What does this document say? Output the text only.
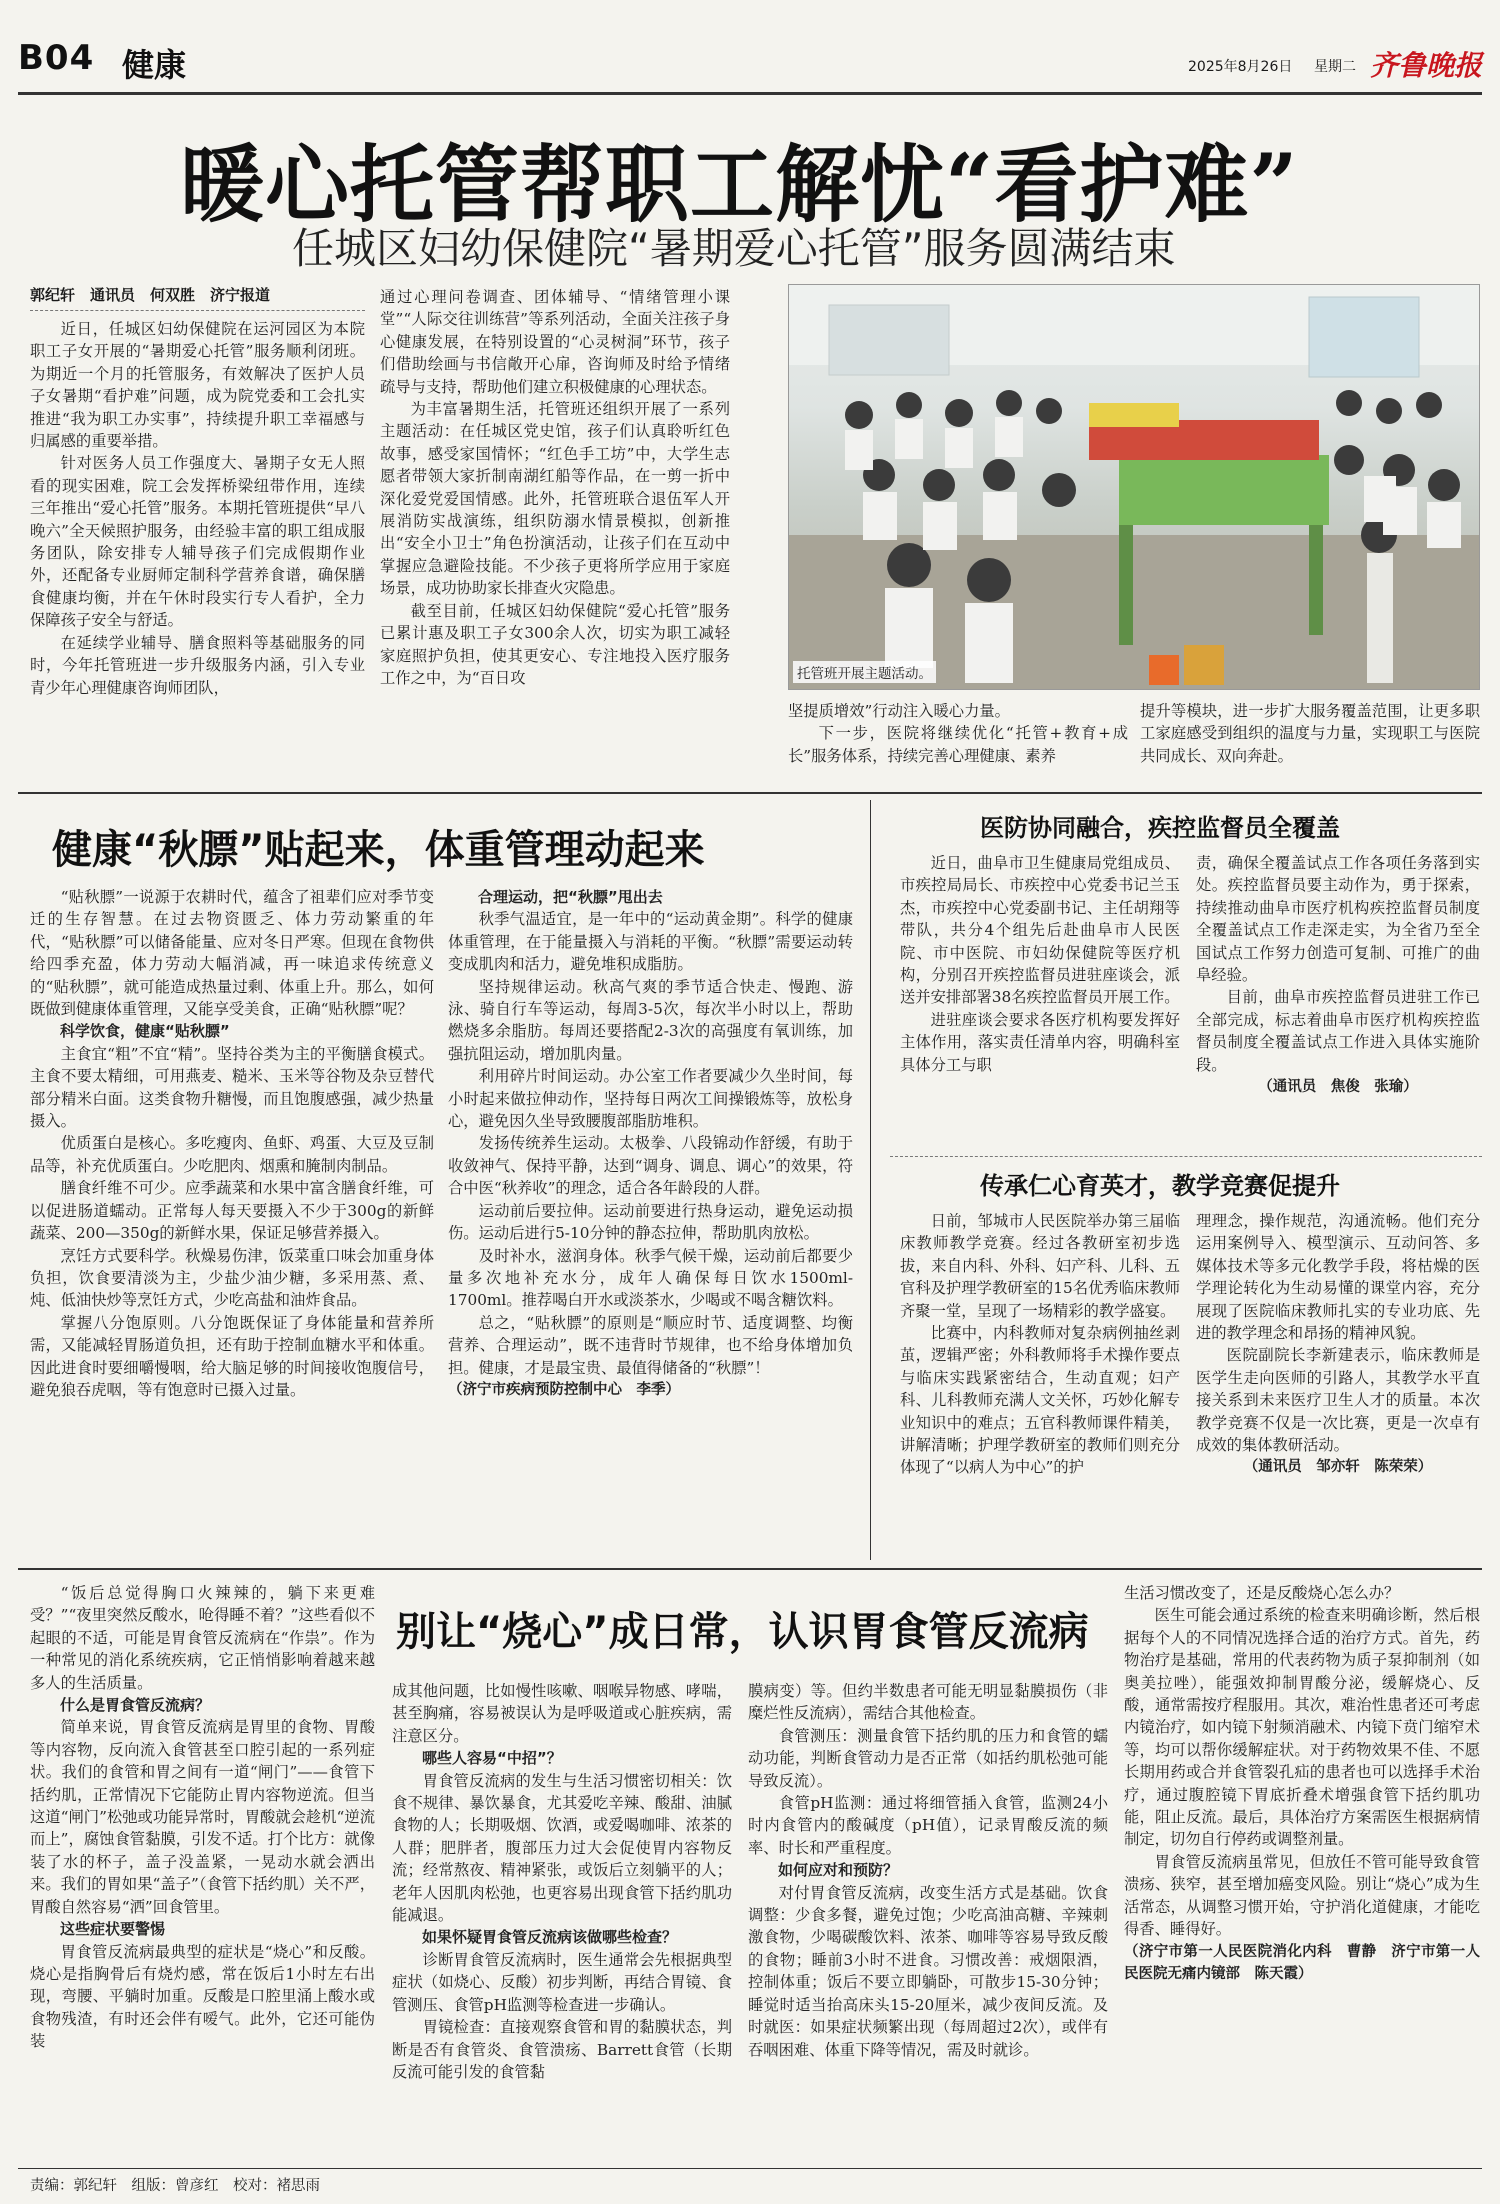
B04 健康	2025年8月26日 星期二 齐鲁晚报
暖心托管帮职工解忧“看护难”
任城区妇幼保健院“暑期爱心托管”服务圆满结束
郭纪轩　通讯员　何双胜　济宁报道

近日，任城区妇幼保健院在运河园区为本院职工子女开展的“暑期爱心托管”服务顺利闭班。为期近一个月的托管服务，有效解决了医护人员子女暑期“看护难”问题，成为院党委和工会扎实推进“我为职工办实事”，持续提升职工幸福感与归属感的重要举措。

针对医务人员工作强度大、暑期子女无人照看的现实困难，院工会发挥桥梁纽带作用，连续三年推出“爱心托管”服务。本期托管班提供“早八晚六”全天候照护服务，由经验丰富的职工组成服务团队，除安排专人辅导孩子们完成假期作业外，还配备专业厨师定制科学营养食谱，确保膳食健康均衡，并在午休时段实行专人看护，全力保障孩子安全与舒适。

在延续学业辅导、膳食照料等基础服务的同时，今年托管班进一步升级服务内涵，引入专业青少年心理健康咨询师团队，

通过心理问卷调查、团体辅导、“情绪管理小课堂”“人际交往训练营”等系列活动，全面关注孩子身心健康发展，在特别设置的“心灵树洞”环节，孩子们借助绘画与书信敞开心扉，咨询师及时给予情绪疏导与支持，帮助他们建立积极健康的心理状态。

为丰富暑期生活，托管班还组织开展了一系列主题活动：在任城区党史馆，孩子们认真聆听红色故事，感受家国情怀；“红色手工坊”中，大学生志愿者带领大家折制南湖红船等作品，在一剪一折中深化爱党爱国情感。此外，托管班联合退伍军人开展消防实战演练，组织防溺水情景模拟，创新推出“安全小卫士”角色扮演活动，让孩子们在互动中掌握应急避险技能。不少孩子更将所学应用于家庭场景，成功协助家长排查火灾隐患。

截至目前，任城区妇幼保健院“爱心托管”服务已累计惠及职工子女300余人次，切实为职工减轻家庭照护负担，使其更安心、专注地投入医疗服务工作之中，为“百日攻	托管班开展主题活动。

坚提质增效”行动注入暖心力量。

下一步，医院将继续优化“托管+教育+成长”服务体系，持续完善心理健康、素养

提升等模块，进一步扩大服务覆盖范围，让更多职工家庭感受到组织的温度与力量，实现职工与医院共同成长、双向奔赴。

健康“秋膘”贴起来，体重管理动起来

“贴秋膘”一说源于农耕时代，蕴含了祖辈们应对季节变迁的生存智慧。在过去物资匮乏、体力劳动繁重的年代，“贴秋膘”可以储备能量、应对冬日严寒。但现在食物供给四季充盈，体力劳动大幅消减，再一味追求传统意义的“贴秋膘”，就可能造成热量过剩、体重上升。那么，如何既做到健康体重管理，又能享受美食，正确“贴秋膘”呢？

科学饮食，健康“贴秋膘”

主食宜“粗”不宜“精”。坚持谷类为主的平衡膳食模式。主食不要太精细，可用燕麦、糙米、玉米等谷物及杂豆替代部分精米白面。这类食物升糖慢，而且饱腹感强，减少热量摄入。

优质蛋白是核心。多吃瘦肉、鱼虾、鸡蛋、大豆及豆制品等，补充优质蛋白。少吃肥肉、烟熏和腌制肉制品。

膳食纤维不可少。应季蔬菜和水果中富含膳食纤维，可以促进肠道蠕动。正常每人每天要摄入不少于300g的新鲜蔬菜、200—350g的新鲜水果，保证足够营养摄入。

烹饪方式要科学。秋燥易伤津，饭菜重口味会加重身体负担，饮食要清淡为主，少盐少油少糖，多采用蒸、煮、炖、低油快炒等烹饪方式，少吃高盐和油炸食品。

掌握八分饱原则。八分饱既保证了身体能量和营养所需，又能减轻胃肠道负担，还有助于控制血糖水平和体重。因此进食时要细嚼慢咽，给大脑足够的时间接收饱腹信号，避免狼吞虎咽，等有饱意时已摄入过量。

合理运动，把“秋膘”甩出去

秋季气温适宜，是一年中的“运动黄金期”。科学的健康体重管理，在于能量摄入与消耗的平衡。“秋膘”需要运动转变成肌肉和活力，避免堆积成脂肪。

坚持规律运动。秋高气爽的季节适合快走、慢跑、游泳、骑自行车等运动，每周3-5次，每次半小时以上，帮助燃烧多余脂肪。每周还要搭配2-3次的高强度有氧训练，加强抗阻运动，增加肌肉量。

利用碎片时间运动。办公室工作者要减少久坐时间，每小时起来做拉伸动作，坚持每日两次工间操锻炼等，放松身心，避免因久坐导致腰腹部脂肪堆积。

发扬传统养生运动。太极拳、八段锦动作舒缓，有助于收敛神气、保持平静，达到“调身、调息、调心”的效果，符合中医“秋养收”的理念，适合各年龄段的人群。

运动前后要拉伸。运动前要进行热身运动，避免运动损伤。运动后进行5-10分钟的静态拉伸，帮助肌肉放松。

及时补水，滋润身体。秋季气候干燥，运动前后都要少量多次地补充水分，成年人确保每日饮水1500ml-1700ml。推荐喝白开水或淡茶水，少喝或不喝含糖饮料。

总之，“贴秋膘”的原则是“顺应时节、适度调整、均衡营养、合理运动”，既不违背时节规律，也不给身体增加负担。健康，才是最宝贵、最值得储备的“秋膘”！

（济宁市疾病预防控制中心　李季）

医防协同融合，疾控监督员全覆盖

近日，曲阜市卫生健康局党组成员、市疾控局局长、市疾控中心党委书记兰玉杰，市疾控中心党委副书记、主任胡翔等带队，共分4个组先后赴曲阜市人民医院、市中医院、市妇幼保健院等医疗机构，分别召开疾控监督员进驻座谈会，派送并安排部署38名疾控监督员开展工作。

进驻座谈会要求各医疗机构要发挥好主体作用，落实责任清单内容，明确科室具体分工与职

责，确保全覆盖试点工作各项任务落到实处。疾控监督员要主动作为，勇于探索，持续推动曲阜市医疗机构疾控监督员制度全覆盖试点工作走深走实，为全省乃至全国试点工作努力创造可复制、可推广的曲阜经验。

目前，曲阜市疾控监督员进驻工作已全部完成，标志着曲阜市医疗机构疾控监督员制度全覆盖试点工作进入具体实施阶段。

（通讯员　焦俊　张瑜）

传承仁心育英才，教学竞赛促提升

日前，邹城市人民医院举办第三届临床教师教学竞赛。经过各教研室初步选拔，来自内科、外科、妇产科、儿科、五官科及护理学教研室的15名优秀临床教师齐聚一堂，呈现了一场精彩的教学盛宴。

比赛中，内科教师对复杂病例抽丝剥茧，逻辑严密；外科教师将手术操作要点与临床实践紧密结合，生动直观；妇产科、儿科教师充满人文关怀，巧妙化解专业知识中的难点；五官科教师课件精美，讲解清晰；护理学教研室的教师们则充分体现了“以病人为中心”的护

理理念，操作规范，沟通流畅。他们充分运用案例导入、模型演示、互动问答、多媒体技术等多元化教学手段，将枯燥的医学理论转化为生动易懂的课堂内容，充分展现了医院临床教师扎实的专业功底、先进的教学理念和昂扬的精神风貌。

医院副院长李新建表示，临床教师是医学生走向医师的引路人，其教学水平直接关系到未来医疗卫生人才的质量。本次教学竞赛不仅是一次比赛，更是一次卓有成效的集体教研活动。

（通讯员　邹亦轩　陈荣荣）

别让“烧心”成日常，认识胃食管反流病

“饭后总觉得胸口火辣辣的，躺下来更难受？”“夜里突然反酸水，呛得睡不着？”这些看似不起眼的不适，可能是胃食管反流病在“作祟”。作为一种常见的消化系统疾病，它正悄悄影响着越来越多人的生活质量。

什么是胃食管反流病？

简单来说，胃食管反流病是胃里的食物、胃酸等内容物，反向流入食管甚至口腔引起的一系列症状。我们的食管和胃之间有一道“闸门”——食管下括约肌，正常情况下它能防止胃内容物逆流。但当这道“闸门”松弛或功能异常时，胃酸就会趁机“逆流而上”，腐蚀食管黏膜，引发不适。打个比方：就像装了水的杯子，盖子没盖紧，一晃动水就会洒出来。我们的胃如果“盖子”（食管下括约肌）关不严，胃酸自然容易“洒”回食管里。

这些症状要警惕

胃食管反流病最典型的症状是“烧心”和反酸。烧心是指胸骨后有烧灼感，常在饭后1小时左右出现，弯腰、平躺时加重。反酸是口腔里涌上酸水或食物残渣，有时还会伴有嗳气。此外，它还可能伪装

成其他问题，比如慢性咳嗽、咽喉异物感、哮喘，甚至胸痛，容易被误认为是呼吸道或心脏疾病，需注意区分。

哪些人容易“中招”？

胃食管反流病的发生与生活习惯密切相关：饮食不规律、暴饮暴食，尤其爱吃辛辣、酸甜、油腻食物的人；长期吸烟、饮酒，或爱喝咖啡、浓茶的人群；肥胖者，腹部压力过大会促使胃内容物反流；经常熬夜、精神紧张，或饭后立刻躺平的人；老年人因肌肉松弛，也更容易出现食管下括约肌功能减退。

如果怀疑胃食管反流病该做哪些检查？

诊断胃食管反流病时，医生通常会先根据典型症状（如烧心、反酸）初步判断，再结合胃镜、食管测压、食管pH监测等检查进一步确认。

胃镜检查：直接观察食管和胃的黏膜状态，判断是否有食管炎、食管溃疡、Barrett食管（长期反流可能引发的食管黏

膜病变）等。但约半数患者可能无明显黏膜损伤（非糜烂性反流病），需结合其他检查。

食管测压：测量食管下括约肌的压力和食管的蠕动功能，判断食管动力是否正常（如括约肌松弛可能导致反流）。

食管pH监测：通过将细管插入食管，监测24小时内食管内的酸碱度（pH值），记录胃酸反流的频率、时长和严重程度。

如何应对和预防？

对付胃食管反流病，改变生活方式是基础。饮食调整：少食多餐，避免过饱；少吃高油高糖、辛辣刺激食物，少喝碳酸饮料、浓茶、咖啡等容易导致反酸的食物；睡前3小时不进食。习惯改善：戒烟限酒，控制体重；饭后不要立即躺卧，可散步15-30分钟；睡觉时适当抬高床头15-20厘米，减少夜间反流。及时就医：如果症状频繁出现（每周超过2次），或伴有吞咽困难、体重下降等情况，需及时就诊。

生活习惯改变了，还是反酸烧心怎么办？

医生可能会通过系统的检查来明确诊断，然后根据每个人的不同情况选择合适的治疗方式。首先，药物治疗是基础，常用的代表药物为质子泵抑制剂（如奥美拉唑），能强效抑制胃酸分泌，缓解烧心、反酸，通常需按疗程服用。其次，难治性患者还可考虑内镜治疗，如内镜下射频消融术、内镜下贲门缩窄术等，均可以帮你缓解症状。对于药物效果不佳、不愿长期用药或合并食管裂孔疝的患者也可以选择手术治疗，通过腹腔镜下胃底折叠术增强食管下括约肌功能，阻止反流。最后，具体治疗方案需医生根据病情制定，切勿自行停药或调整剂量。

胃食管反流病虽常见，但放任不管可能导致食管溃疡、狭窄，甚至增加癌变风险。别让“烧心”成为生活常态，从调整习惯开始，守护消化道健康，才能吃得香、睡得好。

（济宁市第一人民医院消化内科　曹静　济宁市第一人民医院无痛内镜部　陈天霞）

责编：郭纪轩　组版：曾彦红　校对：褚思雨
